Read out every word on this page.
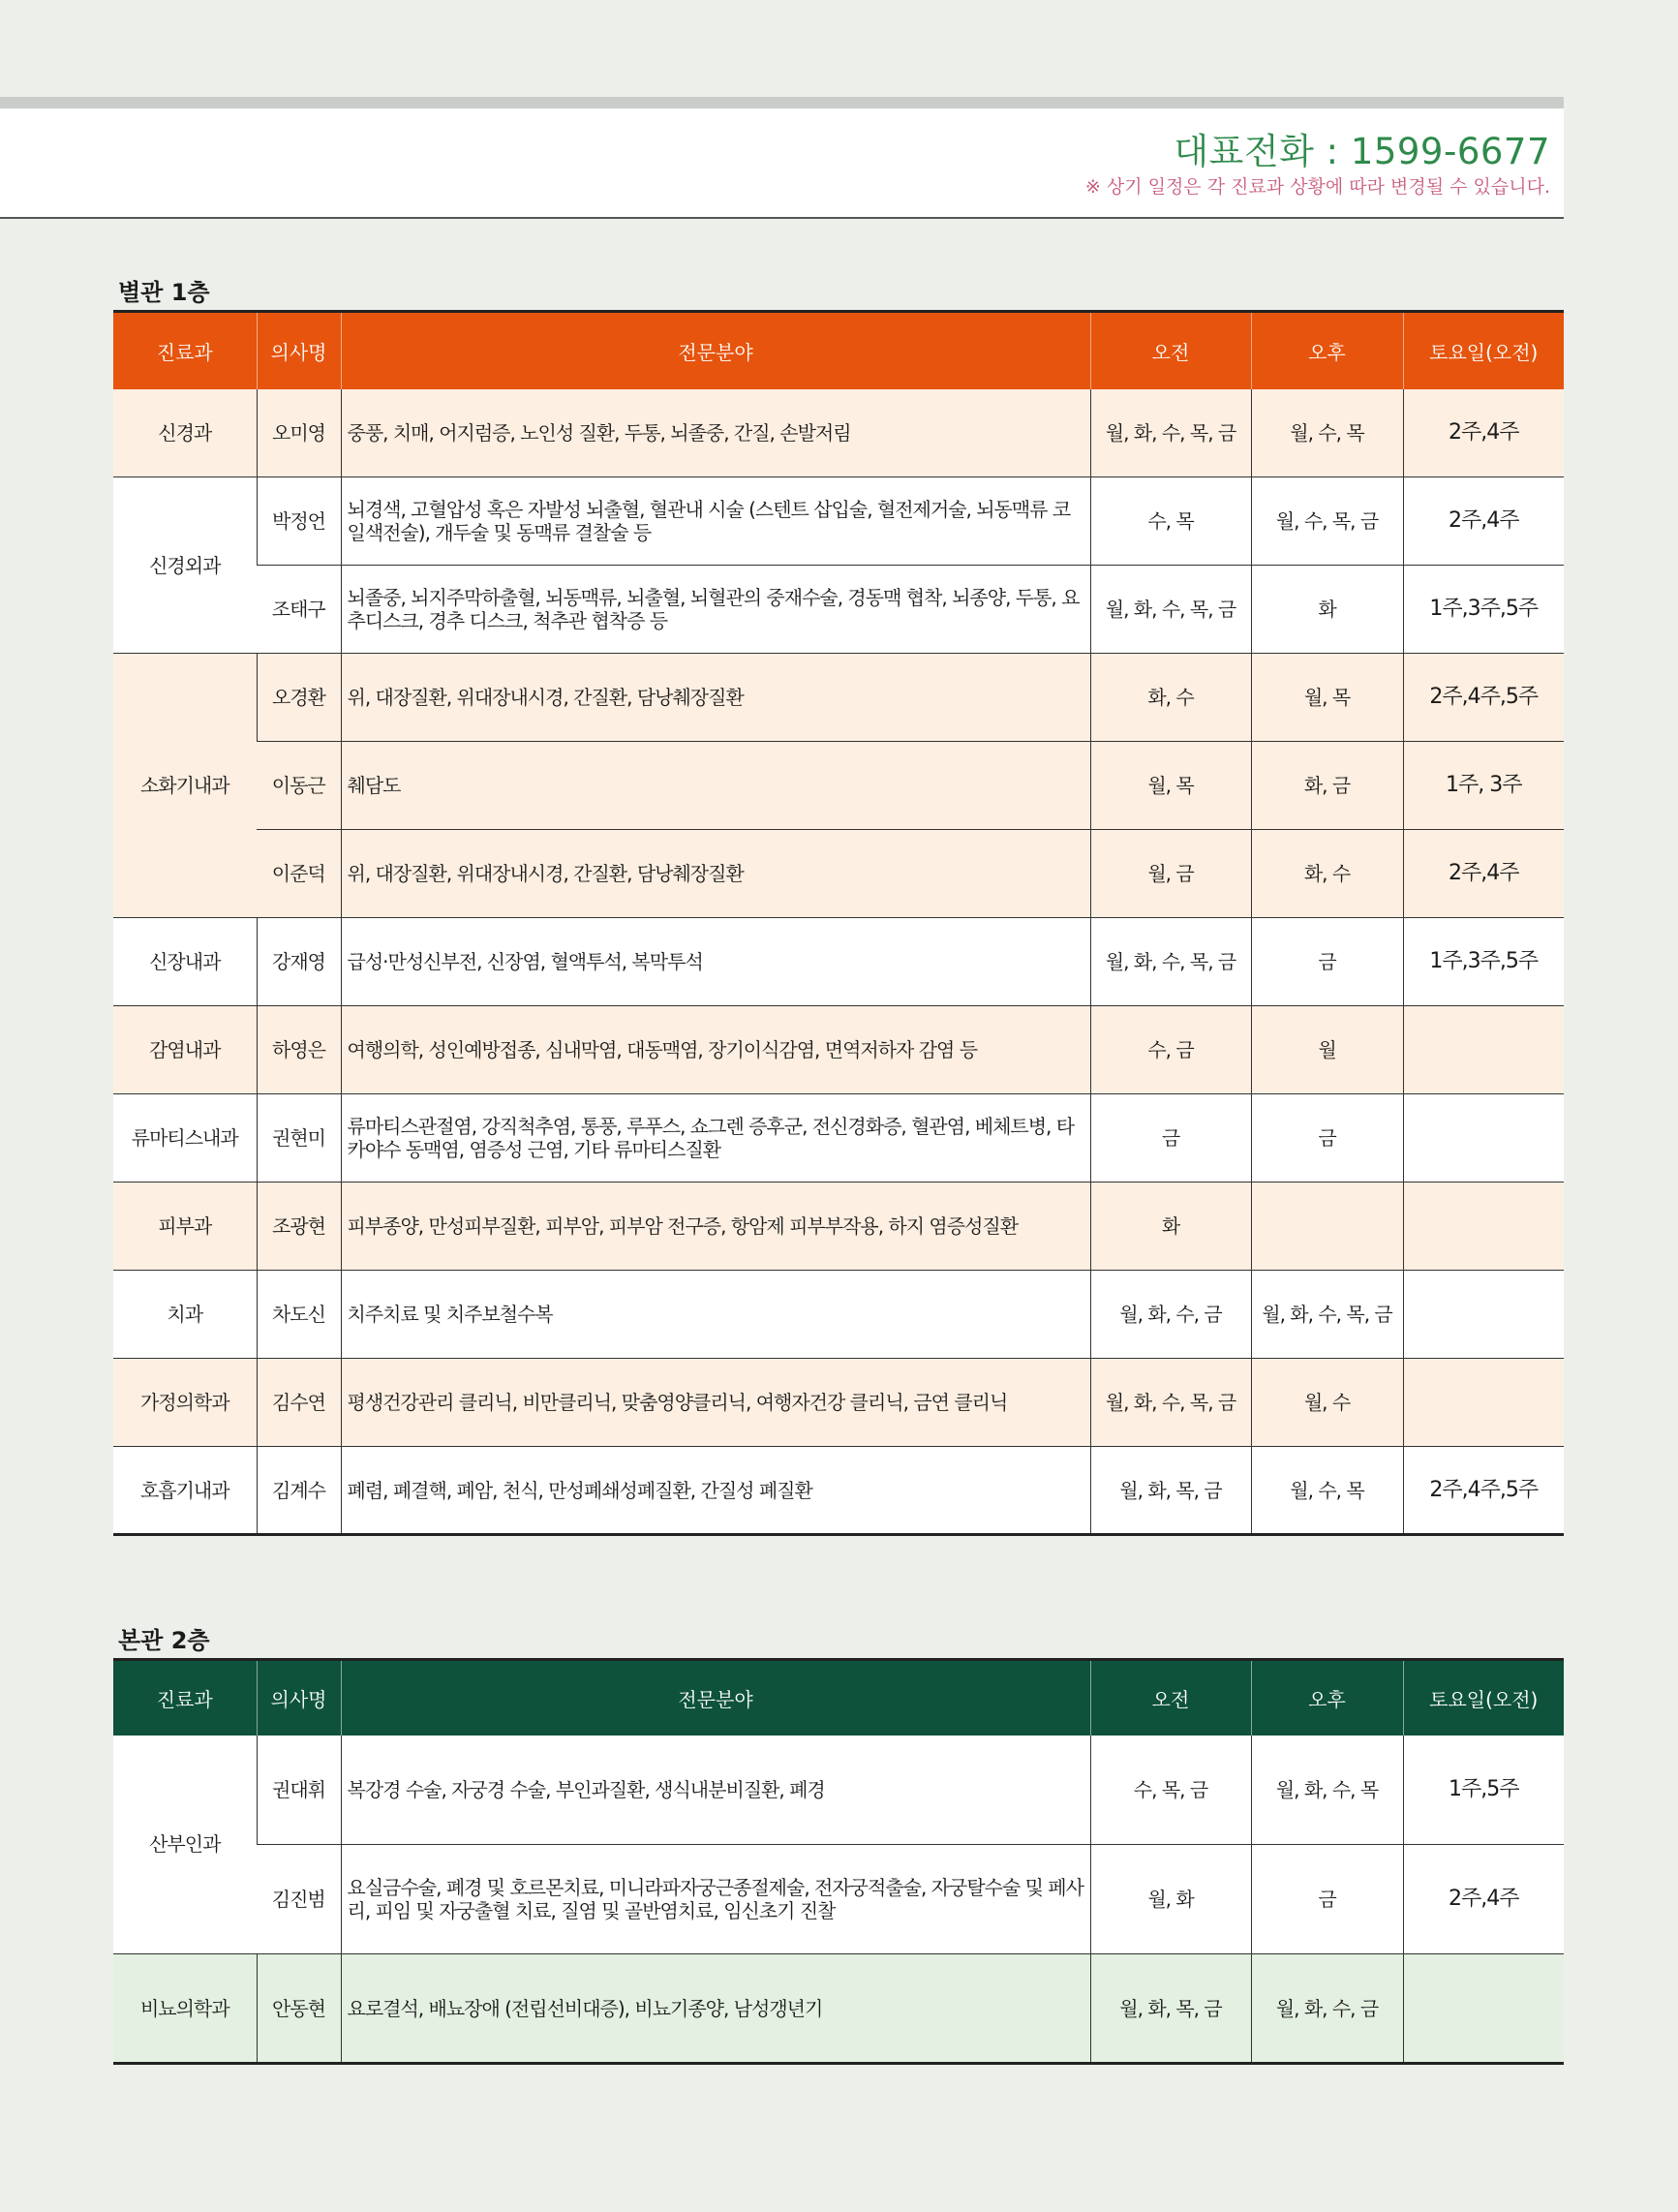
대표전화 : 1599-6677
※ 상기 일정은 각 진료과 상황에 따라 변경될 수 있습니다.
별관 1층
진료과	의사명	전문분야	오전	오후	토요일(오전)
신경과	오미영	중풍, 치매, 어지럼증, 노인성 질환, 두통, 뇌졸중, 간질, 손발저림	월, 화, 수, 목, 금	월, 수, 목	2주,4주
신경외과	박정언	뇌경색, 고혈압성 혹은 자발성 뇌출혈, 혈관내 시술 (스텐트 삽입술, 혈전제거술, 뇌동맥류 코일색전술), 개두술 및 동맥류 결찰술 등	수, 목	월, 수, 목, 금	2주,4주
	조태구	뇌졸중, 뇌지주막하출혈, 뇌동맥류, 뇌출혈, 뇌혈관의 중재수술, 경동맥 협착, 뇌종양, 두통, 요추디스크, 경추 디스크, 척추관 협착증 등	월, 화, 수, 목, 금	화	1주,3주,5주
소화기내과	오경환	위, 대장질환, 위대장내시경, 간질환, 담낭췌장질환	화, 수	월, 목	2주,4주,5주
	이동근	췌담도	월, 목	화, 금	1주, 3주
	이준덕	위, 대장질환, 위대장내시경, 간질환, 담낭췌장질환	월, 금	화, 수	2주,4주
신장내과	강재영	급성·만성신부전, 신장염, 혈액투석, 복막투석	월, 화, 수, 목, 금	금	1주,3주,5주
감염내과	하영은	여행의학, 성인예방접종, 심내막염, 대동맥염, 장기이식감염, 면역저하자 감염 등	수, 금	월	
류마티스내과	권현미	류마티스관절염, 강직척추염, 통풍, 루푸스, 쇼그렌 증후군, 전신경화증, 혈관염, 베체트병, 타카야수 동맥염, 염증성 근염, 기타 류마티스질환	금	금	
피부과	조광현	피부종양, 만성피부질환, 피부암, 피부암 전구증, 항암제 피부부작용, 하지 염증성질환	화		
치과	차도신	치주치료 및 치주보철수복	월, 화, 수, 금	월, 화, 수, 목, 금	
가정의학과	김수연	평생건강관리 클리닉, 비만클리닉, 맞춤영양클리닉, 여행자건강 클리닉, 금연 클리닉	월, 화, 수, 목, 금	월, 수	
호흡기내과	김계수	폐렴, 폐결핵, 폐암, 천식, 만성폐쇄성폐질환, 간질성 폐질환	월, 화, 목, 금	월, 수, 목	2주,4주,5주
본관 2층
진료과	의사명	전문분야	오전	오후	토요일(오전)
산부인과	권대휘	복강경 수술, 자궁경 수술, 부인과질환, 생식내분비질환, 폐경	수, 목, 금	월, 화, 수, 목	1주,5주
	김진범	요실금수술, 폐경 및 호르몬치료, 미니라파자궁근종절제술, 전자궁적출술, 자궁탈수술 및 페사리, 피임 및 자궁출혈 치료, 질염 및 골반염치료, 임신초기 진찰	월, 화	금	2주,4주
비뇨의학과	안동현	요로결석, 배뇨장애 (전립선비대증), 비뇨기종양, 남성갱년기	월, 화, 목, 금	월, 화, 수, 금	
